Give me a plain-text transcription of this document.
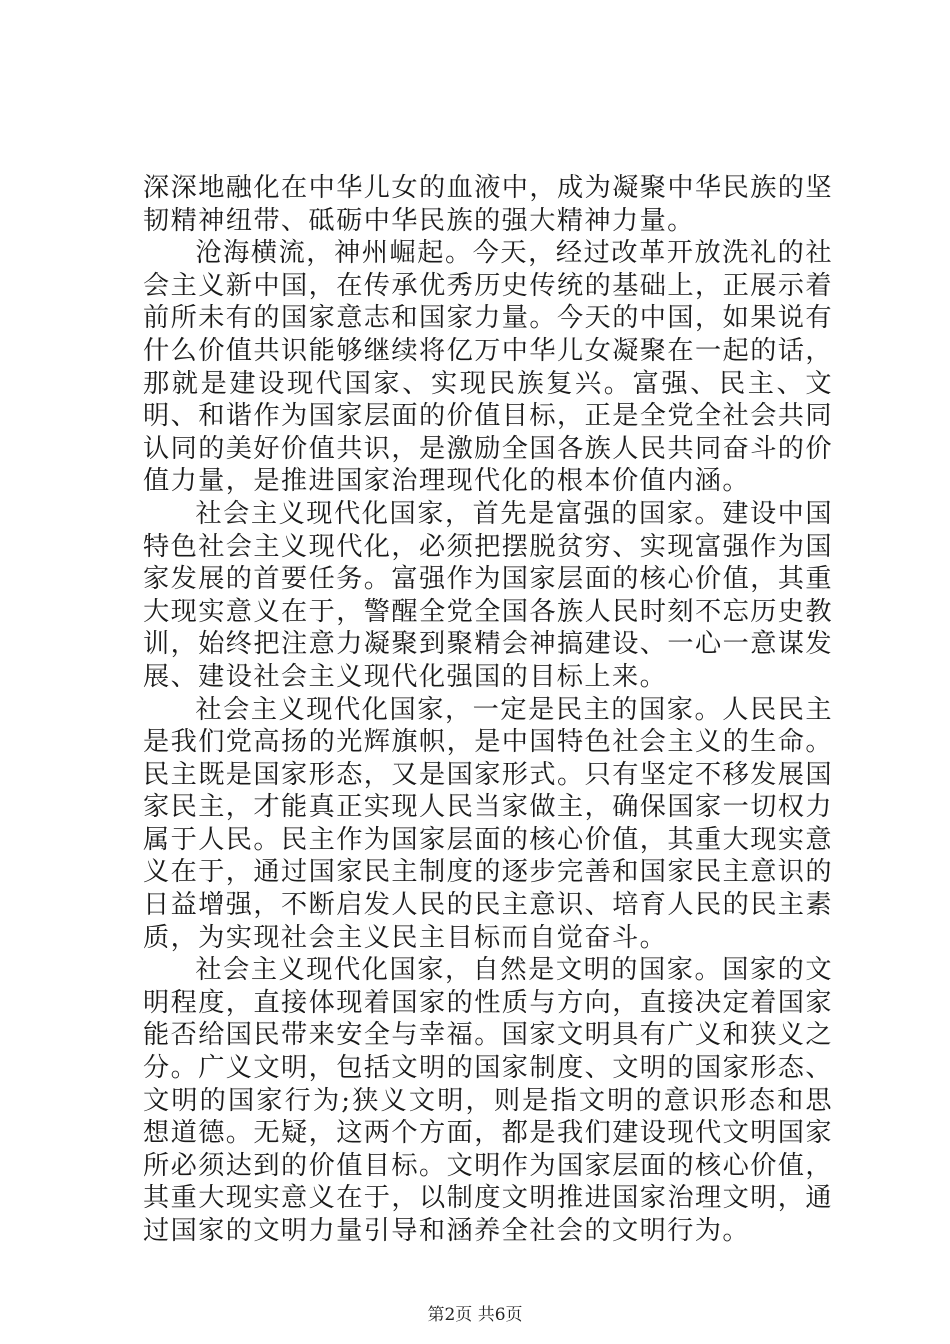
深深地融化在中华儿女的血液中，成为凝聚中华民族的坚韧精神纽带、砥砺中华民族的强大精神力量。

沧海横流，神州崛起。今天，经过改革开放洗礼的社会主义新中国，在传承优秀历史传统的基础上，正展示着前所未有的国家意志和国家力量。今天的中国，如果说有什么价值共识能够继续将亿万中华儿女凝聚在一起的话，那就是建设现代国家、实现民族复兴。富强、民主、文明、和谐作为国家层面的价值目标，正是全党全社会共同认同的美好价值共识，是激励全国各族人民共同奋斗的价值力量，是推进国家治理现代化的根本价值内涵。

社会主义现代化国家，首先是富强的国家。建设中国特色社会主义现代化，必须把摆脱贫穷、实现富强作为国家发展的首要任务。富强作为国家层面的核心价值，其重大现实意义在于，警醒全党全国各族人民时刻不忘历史教训，始终把注意力凝聚到聚精会神搞建设、一心一意谋发展、建设社会主义现代化强国的目标上来。

社会主义现代化国家，一定是民主的国家。人民民主是我们党高扬的光辉旗帜，是中国特色社会主义的生命。民主既是国家形态，又是国家形式。只有坚定不移发展国家民主，才能真正实现人民当家做主，确保国家一切权力属于人民。民主作为国家层面的核心价值，其重大现实意义在于，通过国家民主制度的逐步完善和国家民主意识的日益增强，不断启发人民的民主意识、培育人民的民主素质，为实现社会主义民主目标而自觉奋斗。

社会主义现代化国家，自然是文明的国家。国家的文明程度，直接体现着国家的性质与方向，直接决定着国家能否给国民带来安全与幸福。国家文明具有广义和狭义之分。广义文明，包括文明的国家制度、文明的国家形态、文明的国家行为;狭义文明，则是指文明的意识形态和思想道德。无疑，这两个方面，都是我们建设现代文明国家所必须达到的价值目标。文明作为国家层面的核心价值，其重大现实意义在于，以制度文明推进国家治理文明，通过国家的文明力量引导和涵养全社会的文明行为。

第2页 共6页
